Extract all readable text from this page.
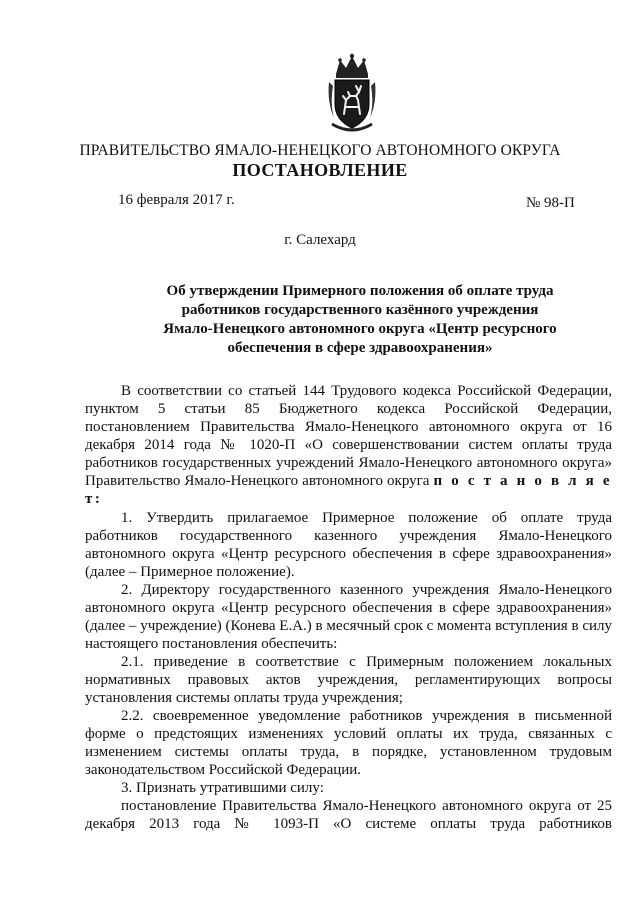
ПРАВИТЕЛЬСТВО ЯМАЛО-НЕНЕЦКОГО АВТОНОМНОГО ОКРУГА
ПОСТАНОВЛЕНИЕ
16 февраля 2017 г.	№ 98-П
г. Салехард
Об утверждении Примерного положения об оплате труда
работников государственного казённого учреждения
Ямало-Ненецкого автономного округа «Центр ресурсного
обеспечения в сфере здравоохранения»
В соответствии со статьей 144 Трудового кодекса Российской Федерации, пунктом 5 статьи 85 Бюджетного кодекса Российской Федерации, постановлением Правительства Ямало-Ненецкого автономного округа от 16 декабря 2014 года № 1020-П «О совершенствовании систем оплаты труда работников государственных учреждений Ямало-Ненецкого автономного округа» Правительство Ямало-Ненецкого автономного округа п о с т а н о в л я е т:
1. Утвердить прилагаемое Примерное положение об оплате труда работников государственного казенного учреждения Ямало-Ненецкого автономного округа «Центр ресурсного обеспечения в сфере здравоохранения» (далее – Примерное положение).
2. Директору государственного казенного учреждения Ямало-Ненецкого автономного округа «Центр ресурсного обеспечения в сфере здравоохранения» (далее – учреждение) (Конева Е.А.) в месячный срок с момента вступления в силу настоящего постановления обеспечить:
2.1. приведение в соответствие с Примерным положением локальных нормативных правовых актов учреждения, регламентирующих вопросы установления системы оплаты труда учреждения;
2.2. своевременное уведомление работников учреждения в письменной форме о предстоящих изменениях условий оплаты их труда, связанных с изменением системы оплаты труда, в порядке, установленном трудовым законодательством Российской Федерации.
3. Признать утратившими силу:
постановление Правительства Ямало-Ненецкого автономного округа от 25 декабря 2013 года № 1093-П «О системе оплаты труда работников
